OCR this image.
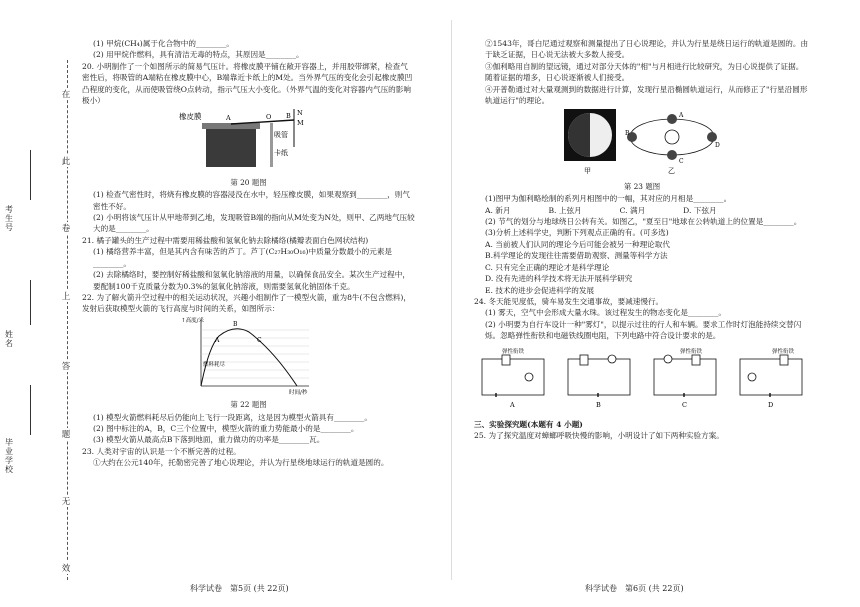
在
此
卷
上
答
题
无
效
考生号
姓名
毕业学校

(1) 甲烷(CH₄)属于化合物中的________。

(2) 用甲烷作燃料，具有清洁无毒的特点，其原因是________。

20. 小明制作了一个如图所示的简易气压计。将橡皮膜平铺在敞开容器上，并用胶带绑紧，检查气密性后，将吸管的A端粘在橡皮膜中心，B端靠近卡纸上的M处。当外界气压的变化会引起橡皮膜凹凸程度的变化，从而使吸管绕O点转动，指示气压大小变化。（外界气温的变化对容器内气压的影响极小）

橡皮膜
吸管
卡纸
A	O B N
M
第 20 题图

(1) 检查气密性时，将烧有橡皮膜的容器浸没在水中，轻压橡皮膜，如果观察到________，则气密性不好。

(2) 小明将该气压计从甲地带到乙地，发现吸管B端的指向从M处变为N处，则甲、乙两地气压较大的是________。

21. 橘子罐头的生产过程中需要用稀盐酸和氢氧化钠去除橘络(橘瓣表面白色网状结构)

(1) 橘络营养丰富，但是其内含有味苦的芦丁。芦丁(C₂₇H₃₀O₁₆)中质量分数最小的元素是________。

(2) 去除橘络时，要控制好稀盐酸和氢氧化钠溶液的用量，以确保食品安全。某次生产过程中，要配制100千克质量分数为0.3%的氢氧化钠溶液，则需要氢氧化钠固体千克。

22. 为了解火箭升空过程中的相关运动状况，兴趣小组制作了一模型火箭，重为8牛(不包含燃料)，发射后获取模型火箭的飞行高度与时间的关系，如图所示：

A
B
C
燃料耗尽
↑高度/米
时间/秒
第 22 题图

(1) 模型火箭燃料耗尽后仍能向上飞行一段距离，这是因为模型火箭具有________。

(2) 图中标注的A，B，C三个位置中，模型火箭的重力势能最小的是________。

(3) 模型火箭从最高点B下落到地面，重力做功的功率是________瓦。

23. 人类对宇宙的认识是一个不断完善的过程。

①大约在公元140年，托勒密完善了地心说理论，并认为行星绕地球运行的轨道是圆的。

科学试卷　第5页 (共 22页)

②1543年，哥白尼通过观察和测量提出了日心说理论，并认为行星是绕日运行的轨道是圆的。由于缺乏证据，日心说无法被大多数人接受。

③伽利略用自制的望远镜，通过对部分天体的"相"与月相进行比较研究，为日心说提供了证据。随着证据的增多，日心说逐渐被人们接受。

④开普勒通过对大量观测到的数据进行计算，发现行星沿椭圆轨道运行，从而修正了"行星沿圆形轨道运行"的理论。

B
A
D
C
甲	乙
第 23 题图

(1)图甲为伽利略绘制的系列月相图中的一幅，其对应的月相是________。

A. 新月　　　　　B. 上弦月　　　　　C. 满月　　　　　D. 下弦月

(2) 节气的划分与地球绕日公转有关。如图乙，"夏至日"地球在公转轨道上的位置是________。

(3)分析上述科学史，判断下列观点正确的有。(可多选)

A. 当前被人们认同的理论今后可能会被另一种理论取代

B.科学理论的发现往往需要借助观察、测量等科学方法

C. 只有完全正确的理论才是科学理论

D. 没有先进的科学技术将无法开展科学研究

E. 技术的进步会促进科学的发展

24. 冬天能见度低，骑车易发生交通事故，要减速慢行。

(1) 雾天，空气中会形成大量水珠。该过程发生的物态变化是________。

(2) 小明要为自行车设计一种"雾灯"，以提示过往的行人和车辆。要求工作时灯泡能持续交替闪烁。忽略弹性衔铁和电磁铁线圈电阻，下列电路中符合设计要求的是。

弹性衔铁
A	B
弹性衔铁
C
弹性衔铁
D

三、实验探究题(本题有 4 小题)

25. 为了探究温度对蟑螂呼吸快慢的影响，小明设计了如下两种实验方案。

科学试卷　第6页 (共 22页)
